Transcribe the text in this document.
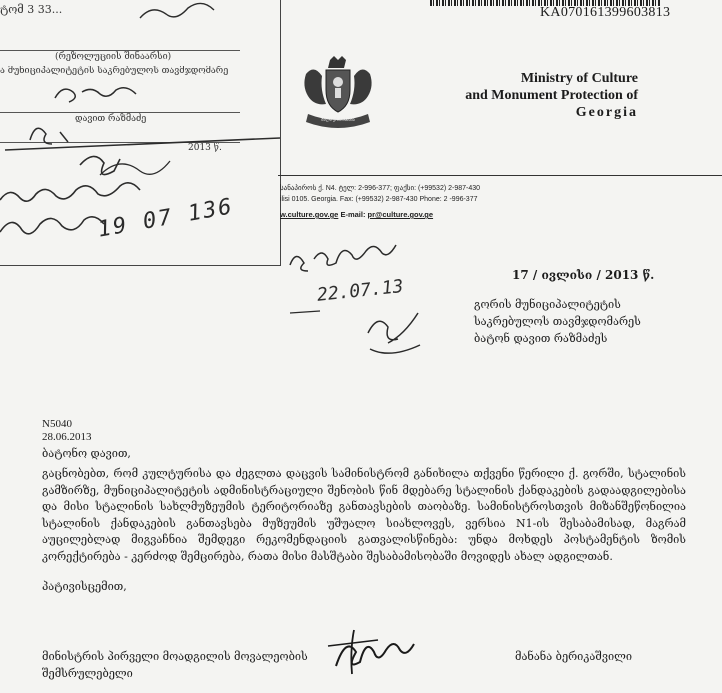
KA070161399603813
ტომ 3 33...
(რეზოლუციის შინაარსი)
ა მუნიციპალიტეტის საკრებულოს თავმჯდომარე
დავით რაზმაძე
2013 წ.
19 07 136
ძალა ერთობაშია
Ministry of Culture
and Monument Protection of
Georgia
სანაპიროს ქ. N4. ტელ: 2-996-377; ფაქსი: (+99532) 2-987-430
ilisi 0105. Georgia. Fax: (+99532) 2-987-430 Phone: 2 -996-377
w.culture.gov.ge E-mail: pr@culture.gov.ge
22.07.13
17 / ივლისი / 2013 წ.
გორის მუნიციპალიტეტის
საკრებულოს თავმჯდომარეს
ბატონ დავით რაზმაძეს
N5040
28.06.2013
ბატონო დავით,

გაცნობებთ, რომ კულტურისა და ძეგლთა დაცვის სამინისტრომ განიხილა თქვენი წერილი ქ. გორში, სტალინის გამზირზე, მუნიციპალიტეტის ადმინისტრაციული შენობის წინ მდებარე სტალინის ქანდაკების გადაადგილებისა და მისი სტალინის სახლმუზეუმის ტერიტორიაზე განთავსების თაობაზე. სამინისტროსთვის მიზანშეწონილია სტალინის ქანდაკების განთავსება მუზეუმის უშუალო სიახლოვეს, ვერსია N1-ის შესაბამისად, მაგრამ აუცილებლად მიგვაჩნია შემდეგი რეკომენდაციის გათვალისწინება: უნდა მოხდეს პოსტამენტის ზომის კორექტირება - კერძოდ შემცირება, რათა მისი მასშტაბი შესაბამისობაში მოვიდეს ახალ ადგილთან.

პატივისცემით,
მინისტრის პირველი მოადგილის მოვალეობის
შემსრულებელი
მანანა ბერიკაშვილი
